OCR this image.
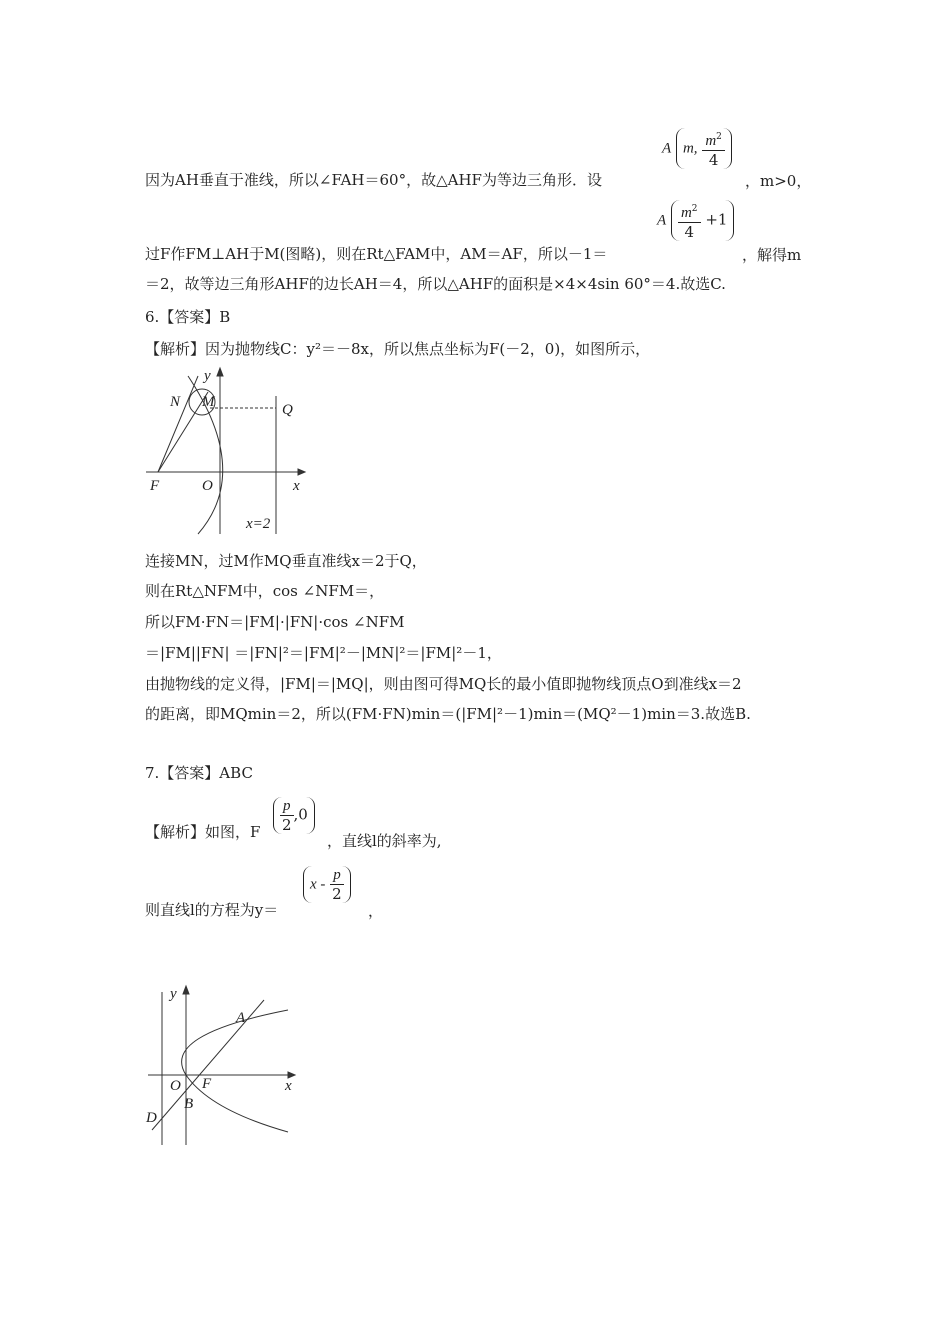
A m, $\frac{m^2}{4}$
因为AH垂直于准线，所以∠FAH＝60°，故△AHF为等边三角形．设	，m>0，
A $\frac{m^2}{4} +1$
过F作FM⊥AH于M(图略)，则在Rt△FAM中，AM＝AF，所以－1＝	，解得m
＝2，故等边三角形AHF的边长AH＝4，所以△AHF的面积是×4×4sin 60°＝4.故选C.
6.【答案】B
【解析】因为抛物线C：y²＝－8x，所以焦点坐标为F(－2，0)，如图所示，
y
N M	Q
F	O	x
x=2
连接MN，过M作MQ垂直准线x＝2于Q，
则在Rt△NFM中，cos ∠NFM＝，
所以FM·FN＝|FM|·|FN|·cos ∠NFM
＝|FM||FN| ＝|FN|²＝|FM|²－|MN|²＝|FM|²－1，
由抛物线的定义得，|FM|＝|MQ|，则由图可得MQ长的最小值即抛物线顶点O到准线x＝2
的距离，即MQmin＝2，所以(FM·FN)min＝(|FM|²－1)min＝(MQ²－1)min＝3.故选B.
7.【答案】ABC
【解析】如图，F $\frac{p}{2} ,0$
，直线l的斜率为,
则直线l的方程为y＝
x - $\frac{p}{2}$
，
y
A
O F	x
B
D
